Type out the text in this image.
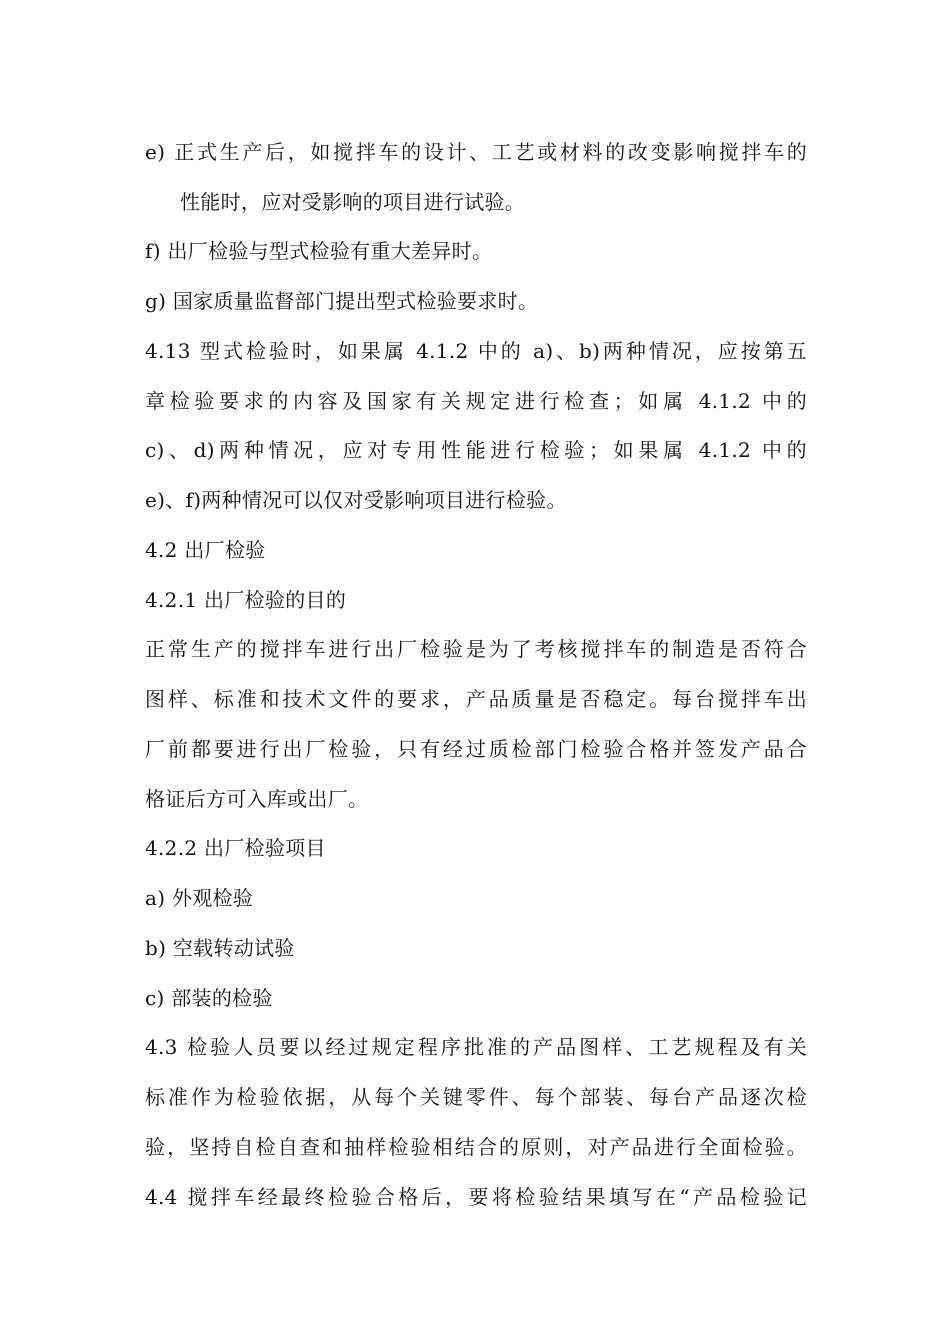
e) 正式生产后，如搅拌车的设计、工艺或材料的改变影响搅拌车的
性能时，应对受影响的项目进行试验。
f) 出厂检验与型式检验有重大差异时。
g) 国家质量监督部门提出型式检验要求时。
4.13 型式检验时，如果属 4.1.2 中的 a)、b)两种情况，应按第五
章检验要求的内容及国家有关规定进行检查；如属 4.1.2 中的
c)、d)两种情况，应对专用性能进行检验；如果属 4.1.2 中的
e)、f)两种情况可以仅对受影响项目进行检验。
4.2 出厂检验
4.2.1 出厂检验的目的
正常生产的搅拌车进行出厂检验是为了考核搅拌车的制造是否符合
图样、标准和技术文件的要求，产品质量是否稳定。每台搅拌车出
厂前都要进行出厂检验，只有经过质检部门检验合格并签发产品合
格证后方可入库或出厂。
4.2.2 出厂检验项目
a) 外观检验
b) 空载转动试验
c) 部装的检验
4.3 检验人员要以经过规定程序批准的产品图样、工艺规程及有关
标准作为检验依据，从每个关键零件、每个部装、每台产品逐次检
验，坚持自检自查和抽样检验相结合的原则，对产品进行全面检验。
4.4 搅拌车经最终检验合格后，要将检验结果填写在“产品检验记
